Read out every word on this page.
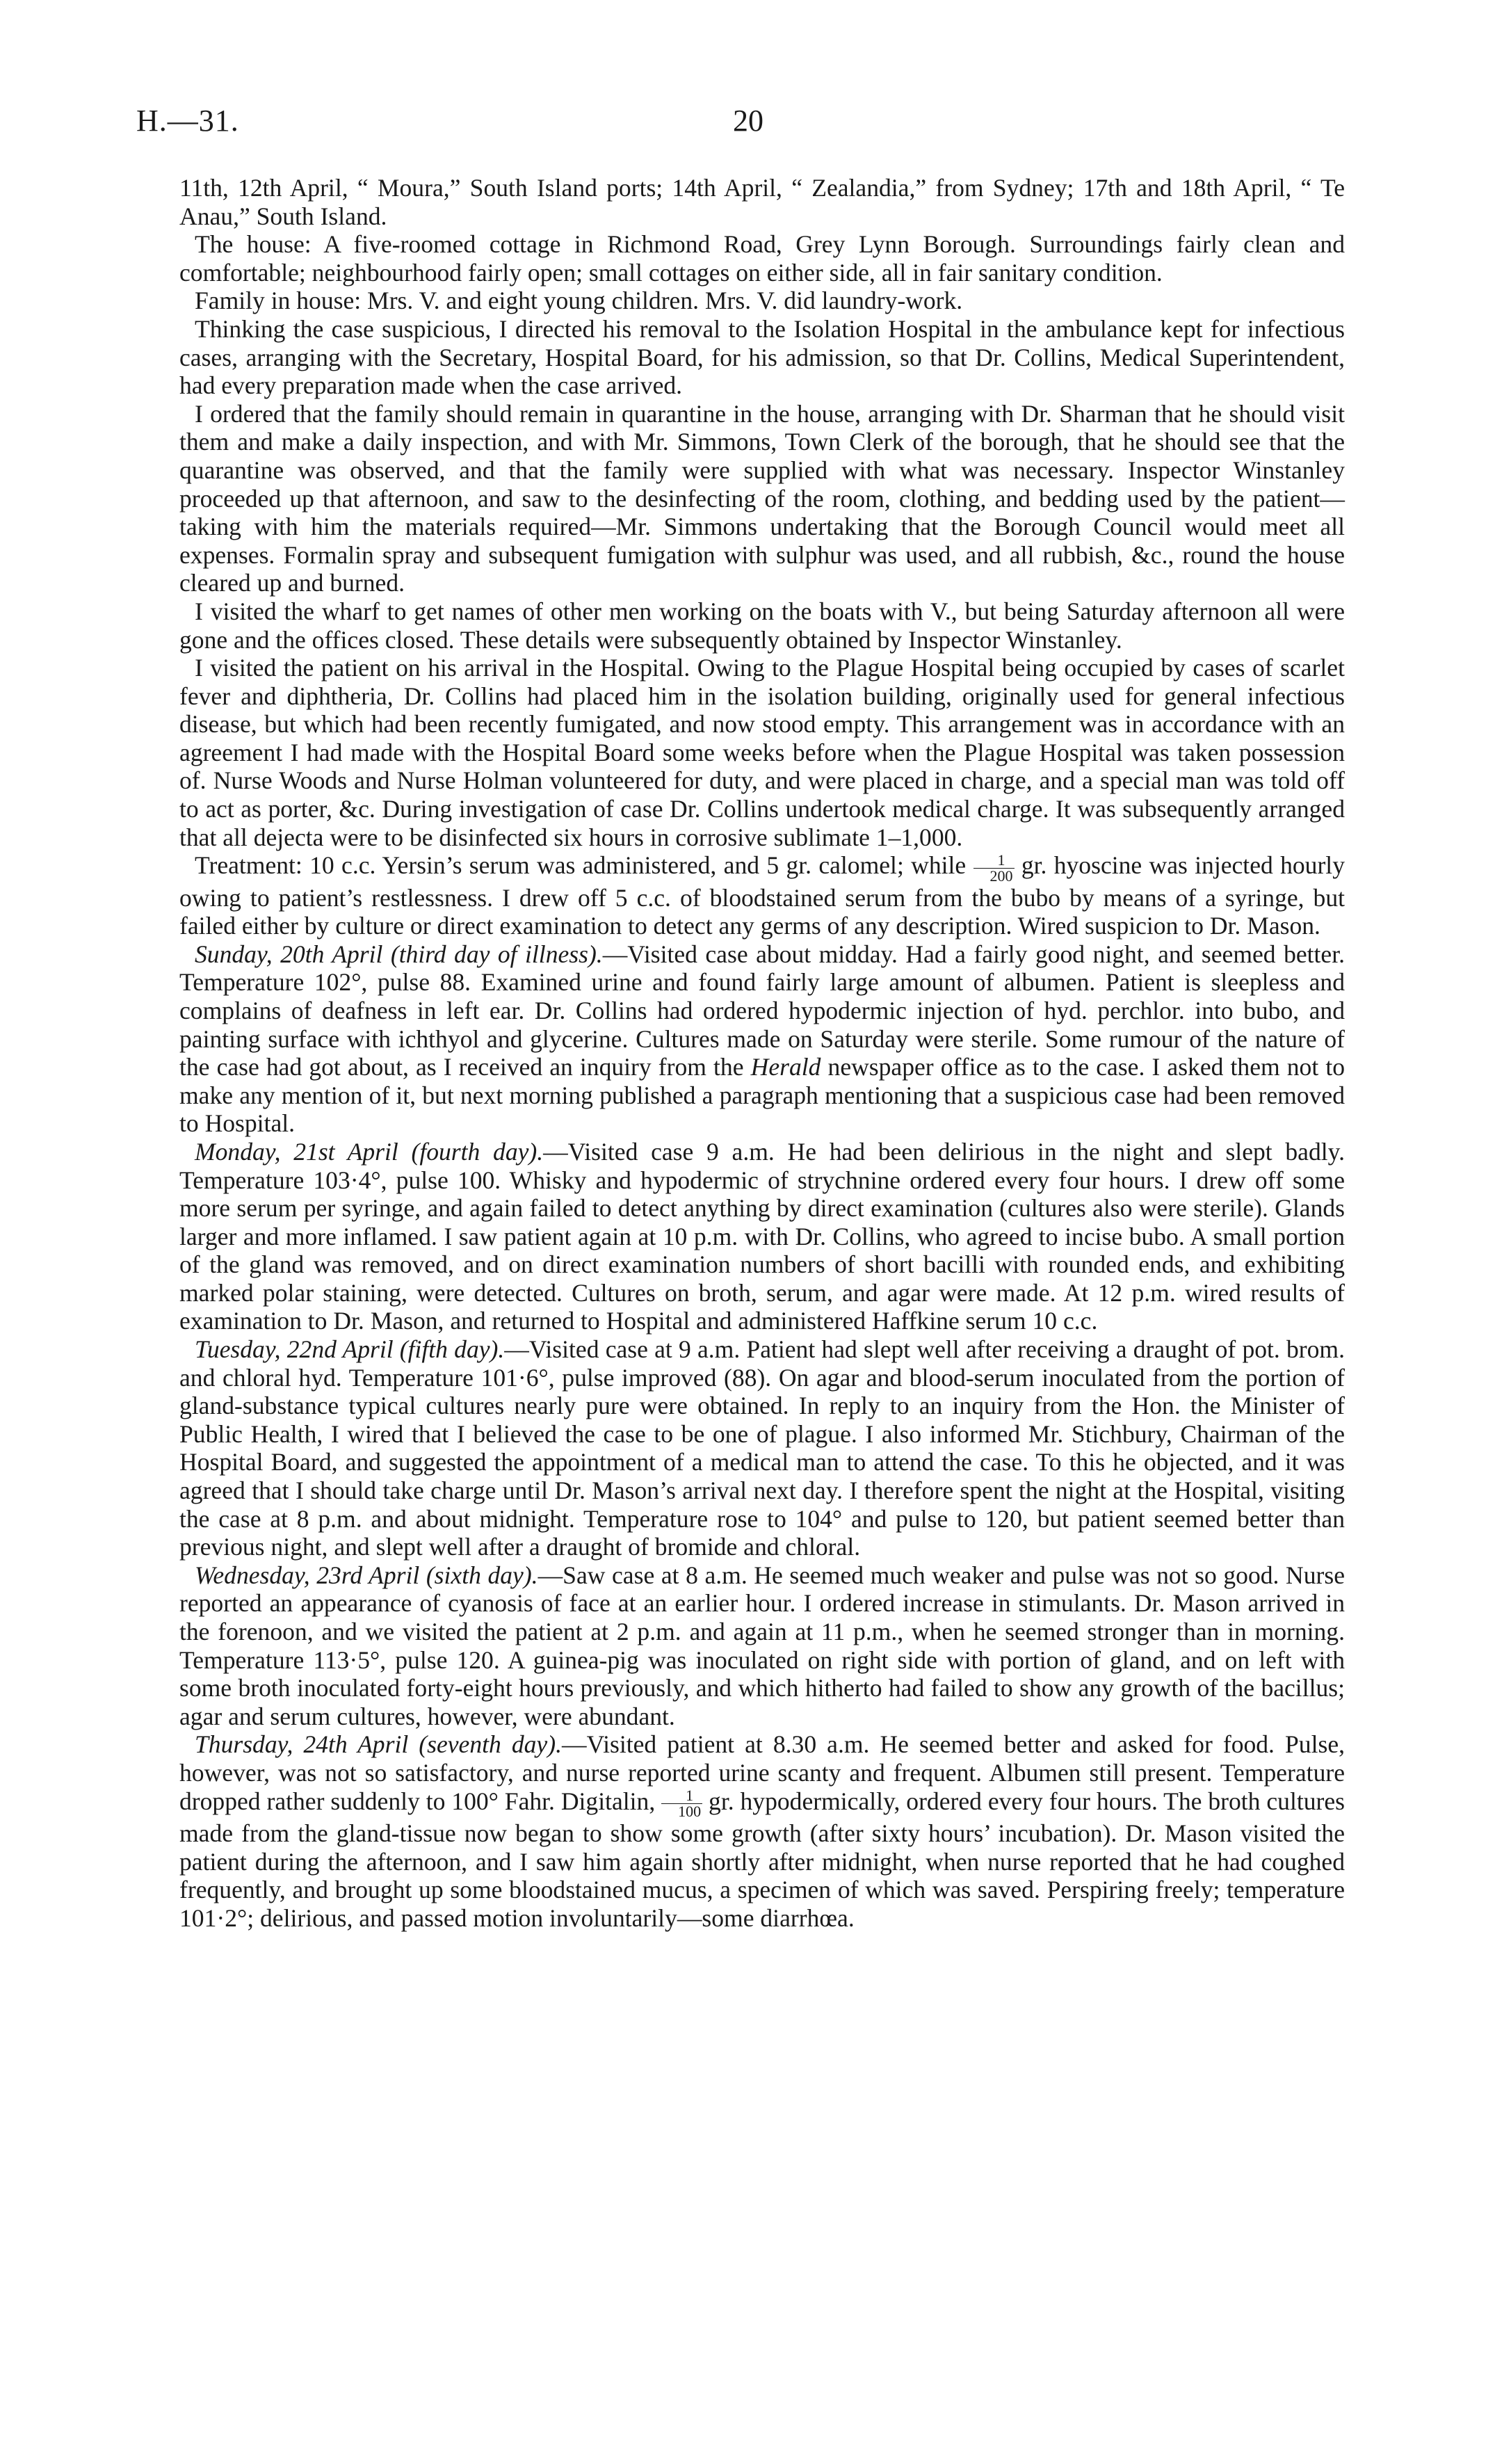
H.—31.	20

11th, 12th April, “ Moura,” South Island ports; 14th April, “ Zealandia,” from Sydney; 17th and 18th April, “ Te Anau,” South Island.

The house: A five-roomed cottage in Richmond Road, Grey Lynn Borough. Surroundings fairly clean and comfortable; neighbourhood fairly open; small cottages on either side, all in fair sanitary condition.

Family in house: Mrs. V. and eight young children. Mrs. V. did laundry-work.

Thinking the case suspicious, I directed his removal to the Isolation Hospital in the ambulance kept for infectious cases, arranging with the Secretary, Hospital Board, for his admission, so that Dr. Collins, Medical Superintendent, had every preparation made when the case arrived.

I ordered that the family should remain in quarantine in the house, arranging with Dr. Sharman that he should visit them and make a daily inspection, and with Mr. Simmons, Town Clerk of the borough, that he should see that the quarantine was observed, and that the family were supplied with what was necessary. Inspector Winstanley proceeded up that afternoon, and saw to the desinfecting of the room, clothing, and bedding used by the patient—taking with him the materials required—Mr. Simmons undertaking that the Borough Council would meet all expenses. Formalin spray and subsequent fumigation with sulphur was used, and all rubbish, &c., round the house cleared up and burned.

I visited the wharf to get names of other men working on the boats with V., but being Saturday afternoon all were gone and the offices closed. These details were subsequently obtained by Inspector Winstanley.

I visited the patient on his arrival in the Hospital. Owing to the Plague Hospital being occupied by cases of scarlet fever and diphtheria, Dr. Collins had placed him in the isolation building, originally used for general infectious disease, but which had been recently fumigated, and now stood empty. This arrangement was in accordance with an agreement I had made with the Hospital Board some weeks before when the Plague Hospital was taken possession of. Nurse Woods and Nurse Holman volunteered for duty, and were placed in charge, and a special man was told off to act as porter, &c. During investigation of case Dr. Collins undertook medical charge. It was subsequently arranged that all dejecta were to be disinfected six hours in corrosive sublimate 1–1,000.

Treatment: 10 c.c. Yersin’s serum was administered, and 5 gr. calomel; while $\frac{1}{200}$ gr. hyoscine was injected hourly owing to patient’s restlessness. I drew off 5 c.c. of bloodstained serum from the bubo by means of a syringe, but failed either by culture or direct examination to detect any germs of any description. Wired suspicion to Dr. Mason.

Sunday, 20th April (third day of illness).—Visited case about midday. Had a fairly good night, and seemed better. Temperature 102°, pulse 88. Examined urine and found fairly large amount of albumen. Patient is sleepless and complains of deafness in left ear. Dr. Collins had ordered hypodermic injection of hyd. perchlor. into bubo, and painting surface with ichthyol and glycerine. Cultures made on Saturday were sterile. Some rumour of the nature of the case had got about, as I received an inquiry from the Herald newspaper office as to the case. I asked them not to make any mention of it, but next morning published a paragraph mentioning that a suspicious case had been removed to Hospital.

Monday, 21st April (fourth day).—Visited case 9 a.m. He had been delirious in the night and slept badly. Temperature 103·4°, pulse 100. Whisky and hypodermic of strychnine ordered every four hours. I drew off some more serum per syringe, and again failed to detect anything by direct examination (cultures also were sterile). Glands larger and more inflamed. I saw patient again at 10 p.m. with Dr. Collins, who agreed to incise bubo. A small portion of the gland was removed, and on direct examination numbers of short bacilli with rounded ends, and exhibiting marked polar staining, were detected. Cultures on broth, serum, and agar were made. At 12 p.m. wired results of examination to Dr. Mason, and returned to Hospital and administered Haffkine serum 10 c.c.

Tuesday, 22nd April (fifth day).—Visited case at 9 a.m. Patient had slept well after receiving a draught of pot. brom. and chloral hyd. Temperature 101·6°, pulse improved (88). On agar and blood-serum inoculated from the portion of gland-substance typical cultures nearly pure were obtained. In reply to an inquiry from the Hon. the Minister of Public Health, I wired that I believed the case to be one of plague. I also informed Mr. Stichbury, Chairman of the Hospital Board, and suggested the appointment of a medical man to attend the case. To this he objected, and it was agreed that I should take charge until Dr. Mason’s arrival next day. I therefore spent the night at the Hospital, visiting the case at 8 p.m. and about midnight. Temperature rose to 104° and pulse to 120, but patient seemed better than previous night, and slept well after a draught of bromide and chloral.

Wednesday, 23rd April (sixth day).—Saw case at 8 a.m. He seemed much weaker and pulse was not so good. Nurse reported an appearance of cyanosis of face at an earlier hour. I ordered increase in stimulants. Dr. Mason arrived in the forenoon, and we visited the patient at 2 p.m. and again at 11 p.m., when he seemed stronger than in morning. Temperature 113·5°, pulse 120. A guinea-pig was inoculated on right side with portion of gland, and on left with some broth inoculated forty-eight hours previously, and which hitherto had failed to show any growth of the bacillus; agar and serum cultures, however, were abundant.

Thursday, 24th April (seventh day).—Visited patient at 8.30 a.m. He seemed better and asked for food. Pulse, however, was not so satisfactory, and nurse reported urine scanty and frequent. Albumen still present. Temperature dropped rather suddenly to 100° Fahr. Digitalin, $\frac{1}{100}$ gr. hypodermically, ordered every four hours. The broth cultures made from the gland-tissue now began to show some growth (after sixty hours’ incubation). Dr. Mason visited the patient during the afternoon, and I saw him again shortly after midnight, when nurse reported that he had coughed frequently, and brought up some bloodstained mucus, a specimen of which was saved. Perspiring freely; temperature 101·2°; delirious, and passed motion involuntarily—some diarrhœa.
